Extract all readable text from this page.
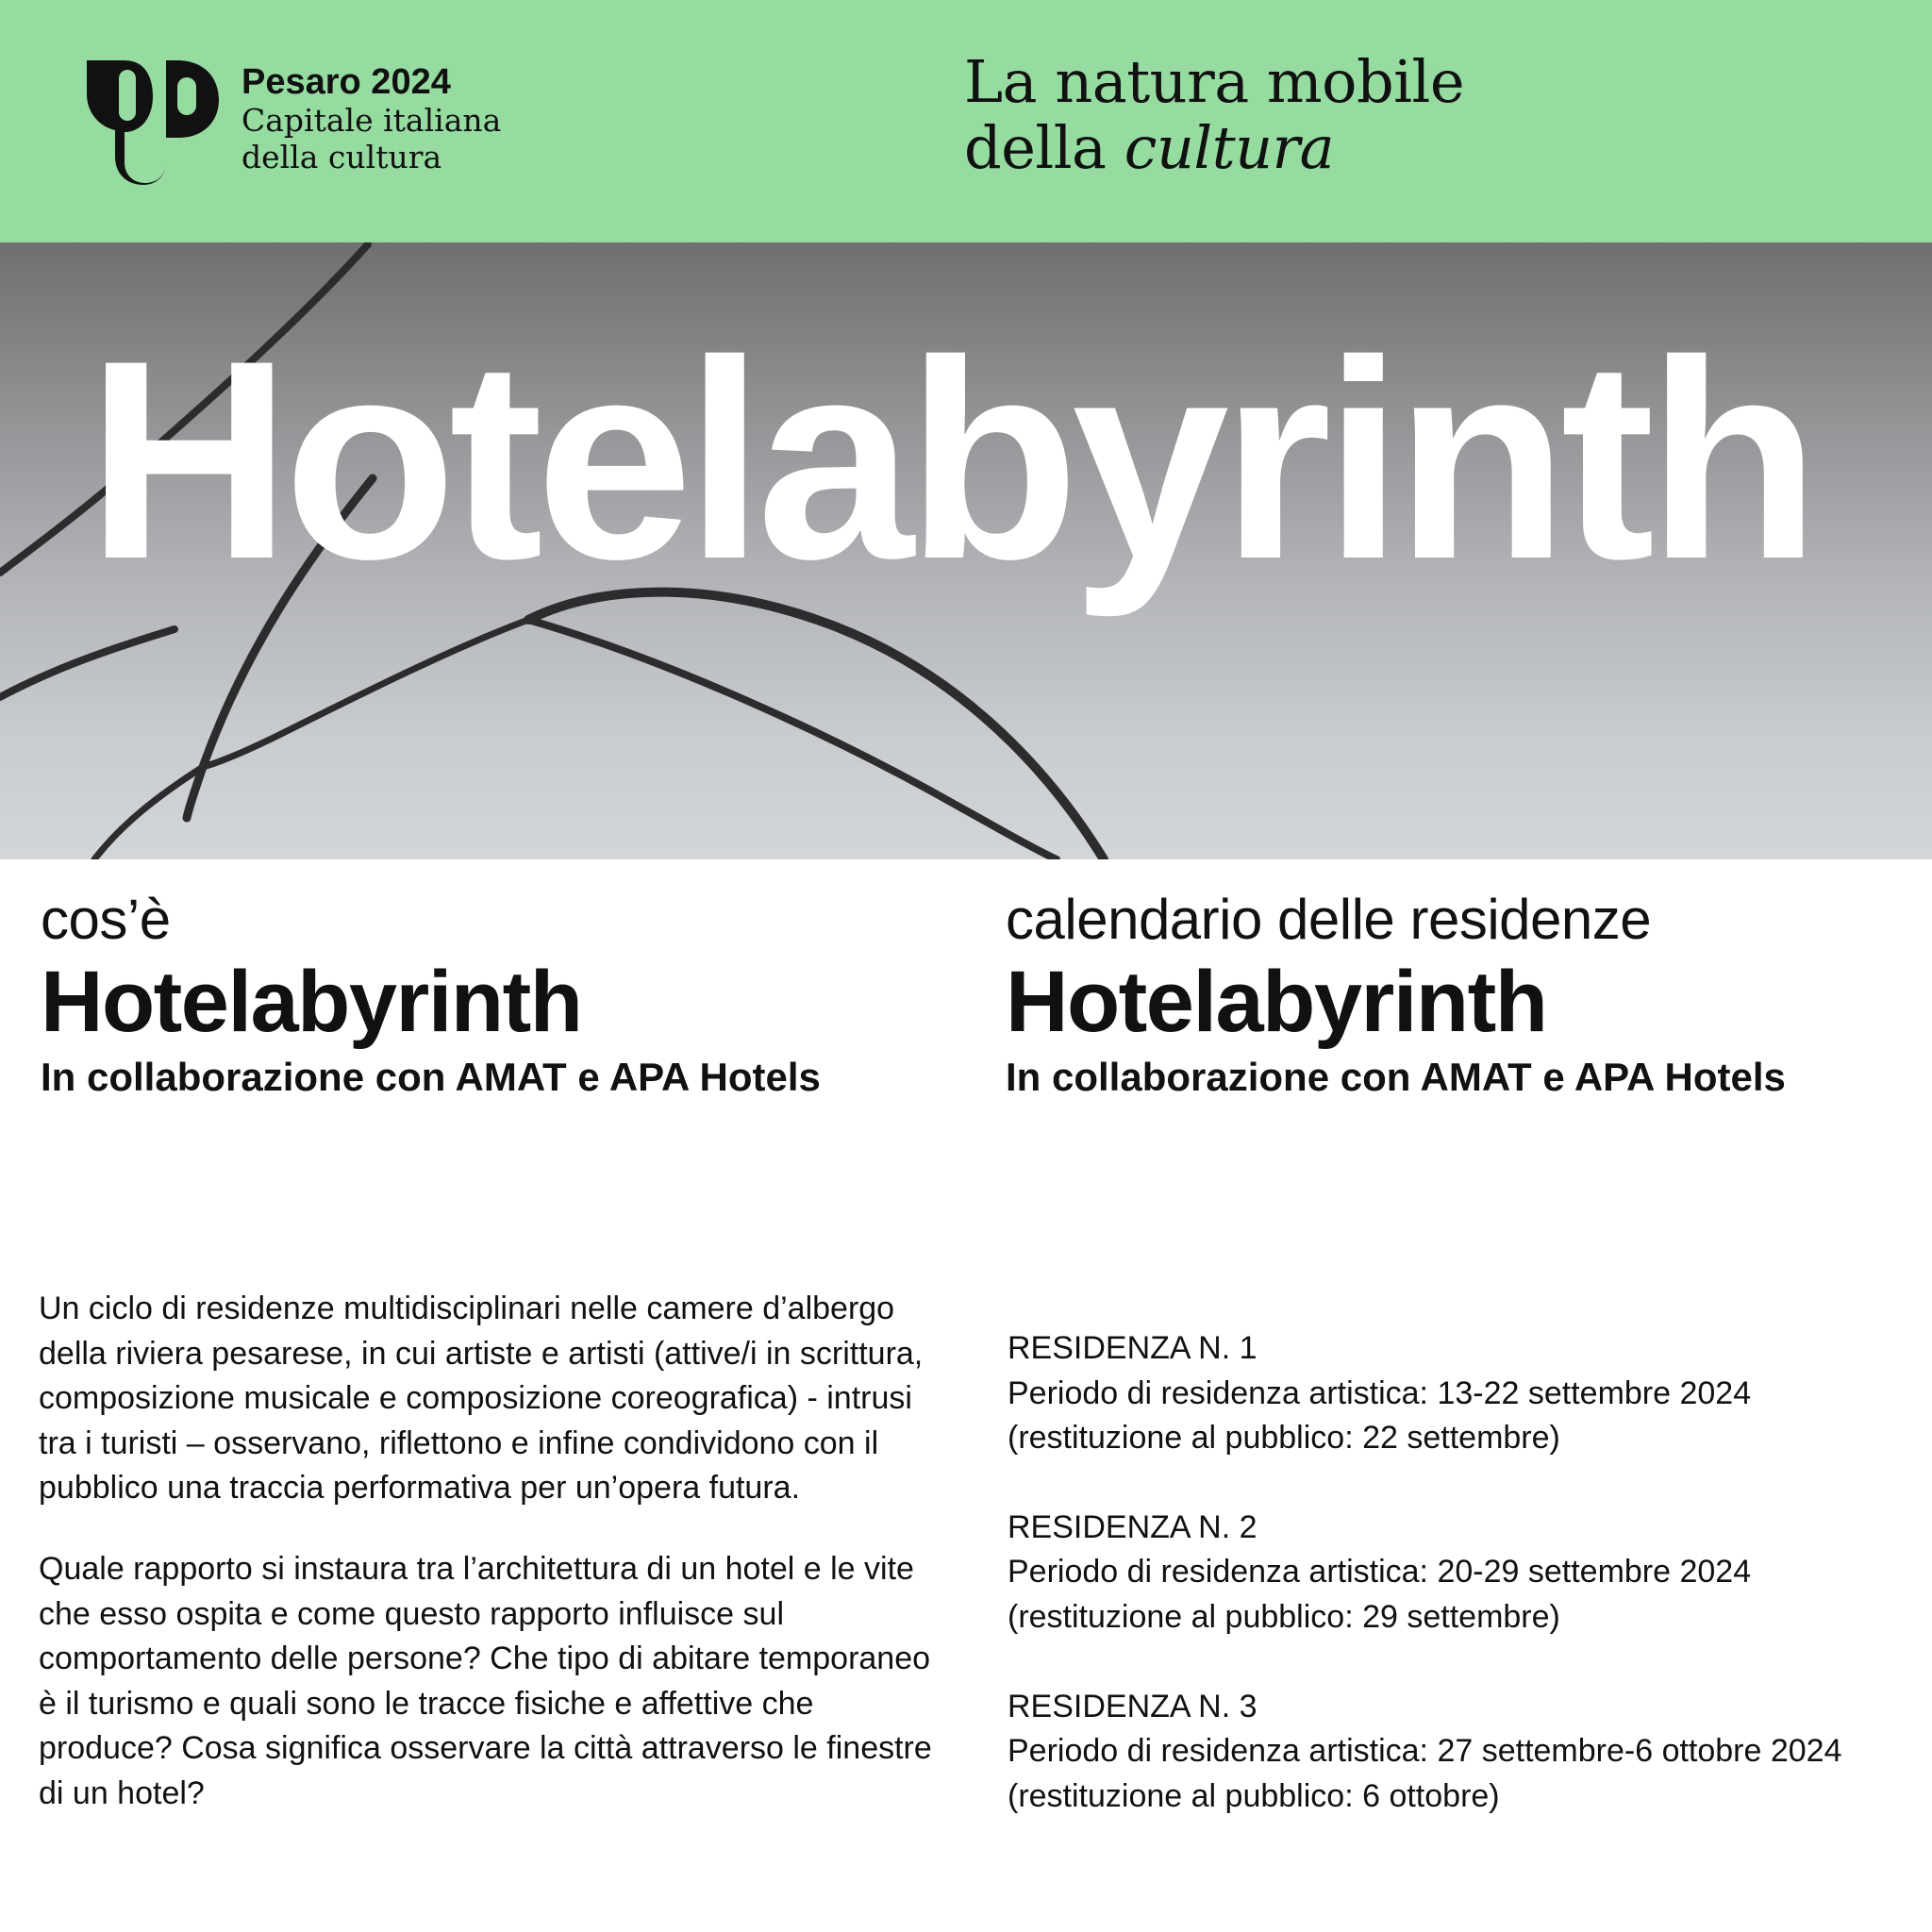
Pesaro 2024
Capitale italiana
della cultura
La natura mobile
della cultura
Hotelabyrinth
cos’è
Hotelabyrinth
In collaborazione con AMAT e APA Hotels
calendario delle residenze
Hotelabyrinth
In collaborazione con AMAT e APA Hotels

Un ciclo di residenze multidisciplinari nelle camere d’albergo della riviera pesarese, in cui artiste e artisti (attive/i in scrittura, composizione musicale e composizione coreografica) - intrusi tra i turisti – osservano, riflettono e infine condividono con il pubblico una traccia performativa per un’opera futura.

Quale rapporto si instaura tra l’architettura di un hotel e le vite che esso ospita e come questo rapporto influisce sul comportamento delle persone? Che tipo di abitare temporaneo è il turismo e quali sono le tracce fisiche e affettive che produce? Cosa significa osservare la città attraverso le finestre di un hotel?

RESIDENZA N. 1
Periodo di residenza artistica: 13-22 settembre 2024 (restituzione al pubblico: 22 settembre)
RESIDENZA N. 2
Periodo di residenza artistica: 20-29 settembre 2024 (restituzione al pubblico: 29 settembre)
RESIDENZA N. 3
Periodo di residenza artistica: 27 settembre-6 ottobre 2024 (restituzione al pubblico: 6 ottobre)
